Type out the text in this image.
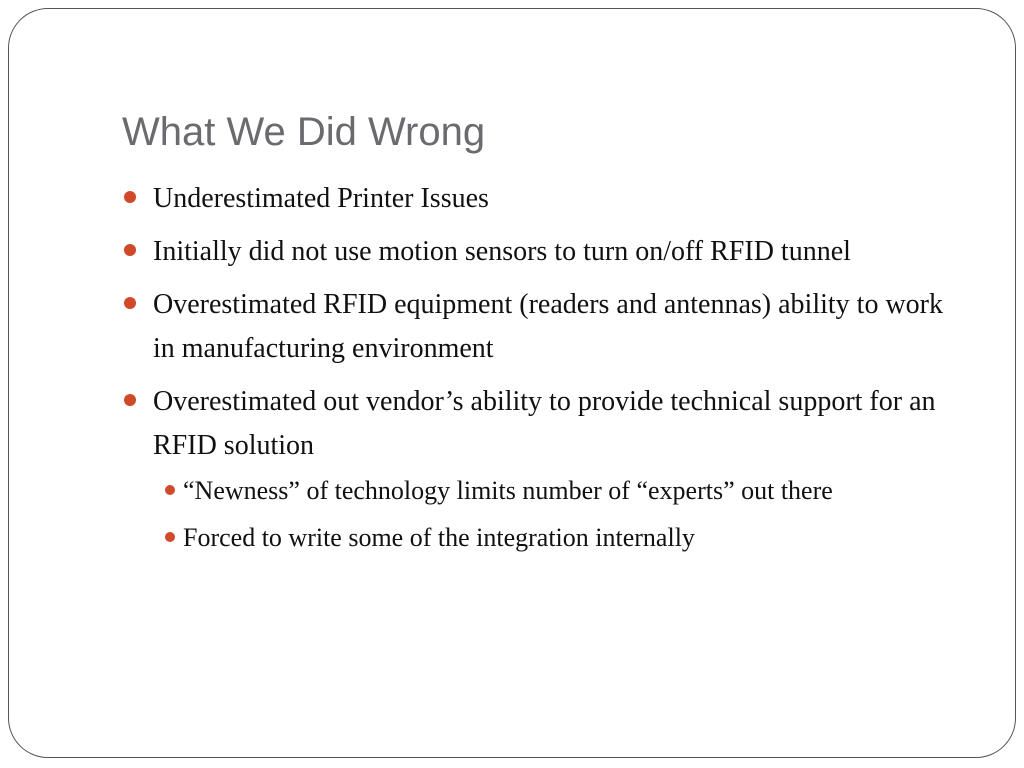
What We Did Wrong
Underestimated Printer Issues
Initially did not use motion sensors to turn on/off RFID tunnel
Overestimated RFID equipment (readers and antennas) ability to work in manufacturing environment
Overestimated out vendor’s ability to provide technical support for an RFID solution
“Newness” of technology limits number of “experts” out there
Forced to write some of the integration internally
